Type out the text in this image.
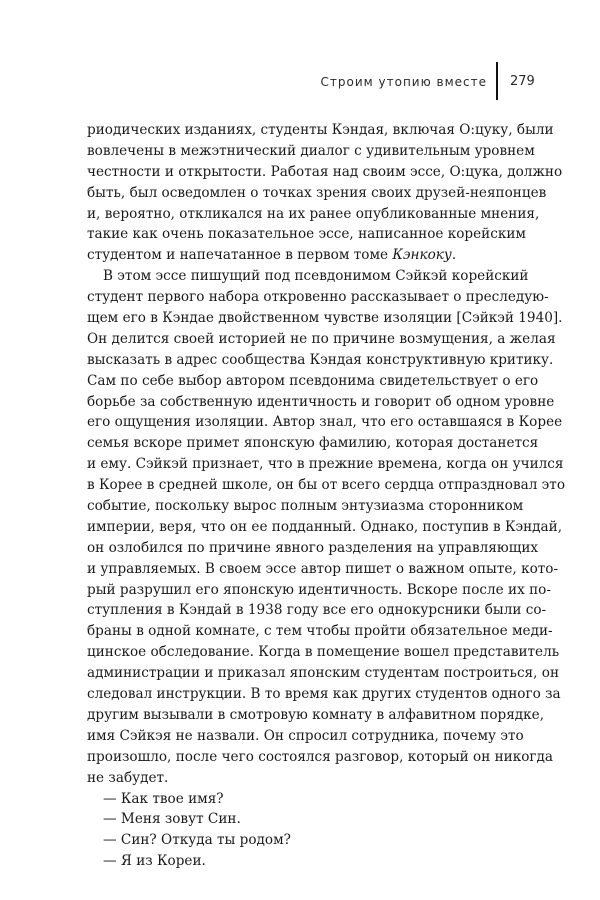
Строим утопию вместе 279
риодических изданиях, студенты Кэндая, включая О:цуку, были
вовлечены в межэтнический диалог с удивительным уровнем
честности и открытости. Работая над своим эссе, О:цука, должно
быть, был осведомлен о точках зрения своих друзей-неяпонцев
и, вероятно, откликался на их ранее опубликованные мнения,
такие как очень показательное эссе, написанное корейским
студентом и напечатанное в первом томе Кэнкоку.
В этом эссе пишущий под псевдонимом Сэйкэй корейский
студент первого набора откровенно рассказывает о преследую-
щем его в Кэндае двойственном чувстве изоляции [Сэйкэй 1940].
Он делится своей историей не по причине возмущения, а желая
высказать в адрес сообщества Кэндая конструктивную критику.
Сам по себе выбор автором псевдонима свидетельствует о его
борьбе за собственную идентичность и говорит об одном уровне
его ощущения изоляции. Автор знал, что его оставшаяся в Корее
семья вскоре примет японскую фамилию, которая достанется
и ему. Сэйкэй признает, что в прежние времена, когда он учился
в Корее в средней школе, он бы от всего сердца отпраздновал это
событие, поскольку вырос полным энтузиазма сторонником
империи, веря, что он ее подданный. Однако, поступив в Кэндай,
он озлобился по причине явного разделения на управляющих
и управляемых. В своем эссе автор пишет о важном опыте, кото-
рый разрушил его японскую идентичность. Вскоре после их по-
ступления в Кэндай в 1938 году все его однокурсники были со-
браны в одной комнате, с тем чтобы пройти обязательное меди-
цинское обследование. Когда в помещение вошел представитель
администрации и приказал японским студентам построиться, он
следовал инструкции. В то время как других студентов одного за
другим вызывали в смотровую комнату в алфавитном порядке,
имя Сэйкэя не назвали. Он спросил сотрудника, почему это
произошло, после чего состоялся разговор, который он никогда
не забудет.
— Как твое имя?
— Меня зовут Син.
— Син? Откуда ты родом?
— Я из Кореи.
